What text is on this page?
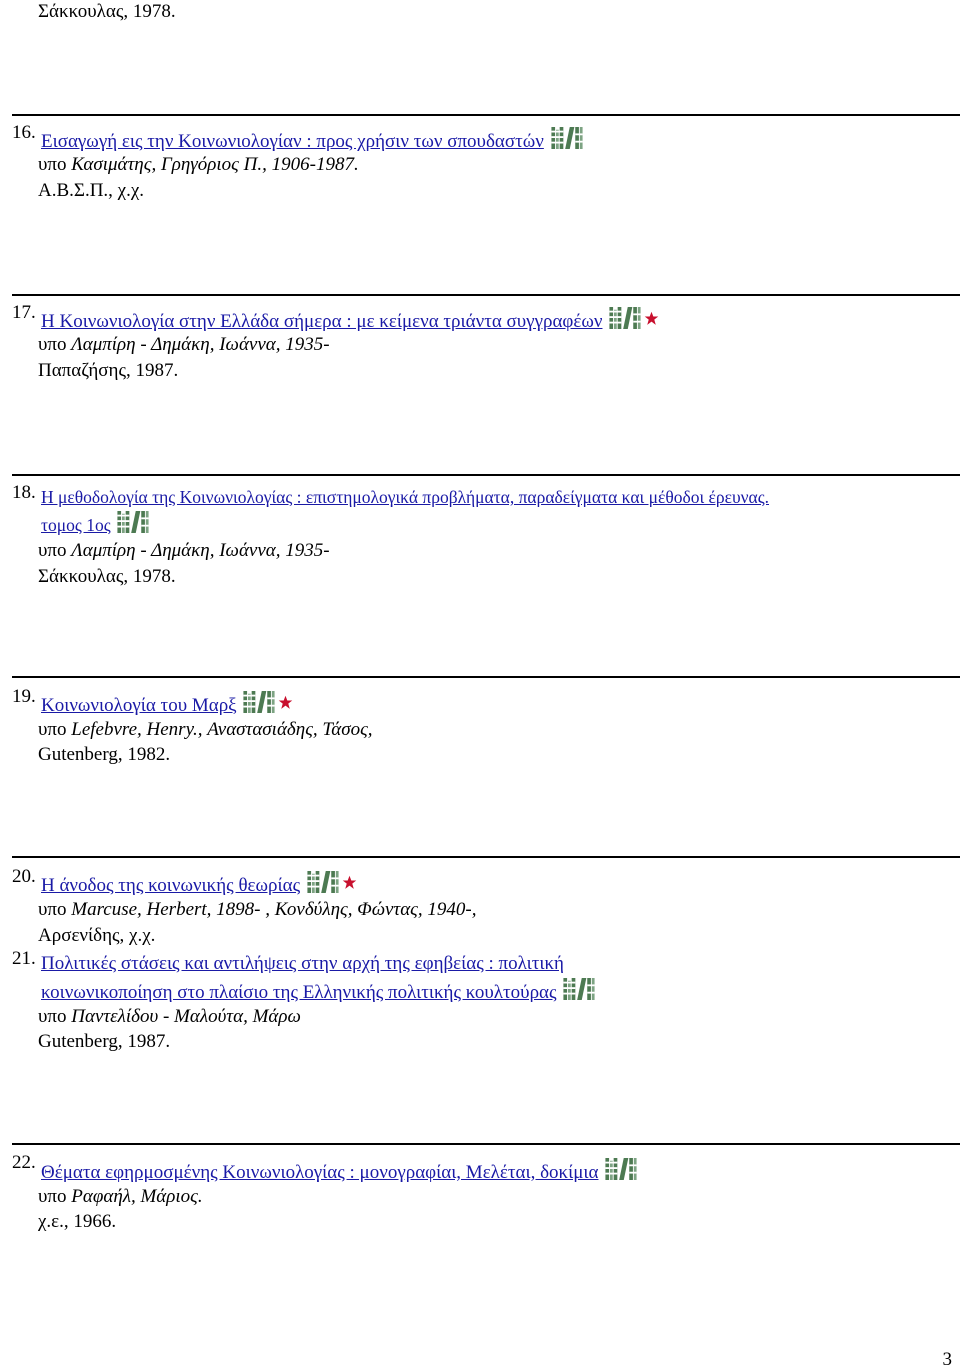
Σάκκουλας, 1978.
16. Εισαγωγή εις την Κοινωνιολογίαν : προς χρήσιν των σπουδαστών
υπο Κασιμάτης, Γρηγόριος Π., 1906-1987.
Α.Β.Σ.Π., χ.χ.
17. Η Κοινωνιολογία στην Ελλάδα σήμερα : με κείμενα τριάντα συγγραφέων
υπο Λαμπίρη - Δημάκη, Ιωάννα, 1935-
Παπαζήσης, 1987.
18. Η μεθοδολογία της Κοινωνιολογίας : επιστημολογικά προβλήματα, παραδείγματα και μέθοδοι έρευνας.
τομος 1ος
υπο Λαμπίρη - Δημάκη, Ιωάννα, 1935-
Σάκκουλας, 1978.
19. Κοινωνιολογία του Μαρξ
υπο Lefebvre, Henry., Αναστασιάδης, Τάσος,
Gutenberg, 1982.
20. Η άνοδος της κοινωνικής θεωρίας
υπο Marcuse, Herbert, 1898- , Κονδύλης, Φώντας, 1940-,
Αρσενίδης, χ.χ.
21. Πολιτικές στάσεις και αντιλήψεις στην αρχή της εφηβείας : πολιτική
κοινωνικοποίηση στο πλαίσιο της Ελληνικής πολιτικής κουλτούρας
υπο Παντελίδου - Μαλούτα, Μάρω
Gutenberg, 1987.
22. Θέματα εφηρμοσμένης Κοινωνιολογίας : μονογραφίαι, Μελέται, δοκίμια
υπο Ραφαήλ, Μάριος.
χ.ε., 1966.
3
